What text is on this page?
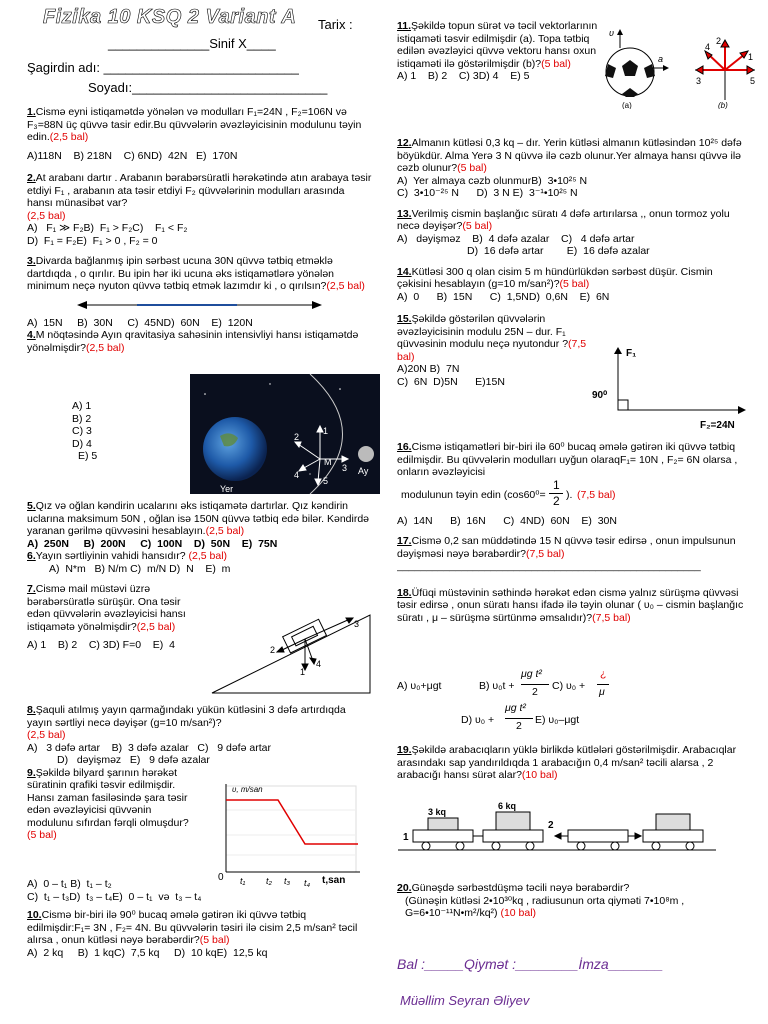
Fizika 10 KSQ 2 Variant A Tarix :
______________Sinif X____
Şagirdin adı: ___________________________
Soyadı:___________________________

1.Cismə eyni istiqamətdə yönələn və modulları F₁=24N , F₂=106N və F₃=88N üç qüvvə tasir edir.Bu qüvvələrin əvəzləyicisinin modulunu təyin edin.(2,5 bal)

A)118N    B) 218N    C) 6ND)  42N   E)  170N

2.At arabanı dartır . Arabanın bərabərsüratli hərəkətində atın arabaya təsir etdiyi F₁ , arabanın ata təsir etdiyi F₂ qüvvələrinin modulları arasında hansı münasibət var?
(2,5 bal)

A)   F₁ ≫ F₂B)  F₁ > F₂C)    F₁ < F₂

D)  F₁ = F₂E)  F₁ > 0 , F₂ = 0

3.Divarda bağlanmış ipin sərbəst ucuna 30N qüvvə tətbiq etməklə dartdıqda , o qırılır. Bu ipin hər iki ucuna əks istiqamətlərə yönələn minimum neçə nyuton qüvvə tətbiq etmək lazımdır ki , o qırılsın?(2,5 bal)

A)  15N     B)  30N     C)  45ND)  60N    E)  120N

4.M nöqtəsində Ayın qravitasiya sahəsinin intensivliyi hansı istiqamətdə yönəlmişdir?(2,5 bal)

A) 1
B) 2
C) 3
D) 4
E) 5
1
2
4
3
5
M
Yer
Ay

5.Qız və oğlan kəndirin ucalarını əks istiqamətə dartırlar. Qız kəndirin uclarına maksimum 50N , oğlan isə 150N qüvvə tətbiq edə bilər. Kəndirdə yaranan gərilmə qüvvəsini hesablayın.(2,5 bal)

A)  250N     B)  200N     C)  100N    D)  50N    E)  75N

6.Yayın sərtliyinin vahidi hansıdır? (2,5 bal)

A)  N*m   B) N/m C)  m/N D)  N    E)  m

7.Cismə mail müstəvi üzrə bərabərsüratlə sürüşür. Ona təsir edən qüvvələrin əvəzləyicisi hansı istiqamətə yönəlmişdir?(2,5 bal)

A) 1    B) 2    C) 3D) F=0    E)  4

3
2
1
4

8.Şaquli atılmış yayın qarmağındakı yükün kütləsini 3 dəfə artırdıqda yayın sərtliyi necə dəyişər (g=10 m/san²)?
(2,5 bal)

A)   3 dəfə artar    B)  3 dəfə azalar   C)   9 dəfə artar

D)   dəyişməz   E)   9 dəfə azalar

9.Şəkildə bilyard şarının hərəkət süratinin qrafiki təsvir edilmişdir. Hansı zaman fasiləsində şara təsir edən əvəzləyicisi qüvvənin modulunu sıfırdan fərqli olmuşdur?(5 bal)

υ, m/san
0	t,san
t₁ t₂ t₃ t₄

A)  0 – t₁ B)  t₁ – t₂

C)  t₁ – t₃D)  t₃ – t₄E)  0 – t₁  və  t₃ – t₄

10.Cismə bir-biri ilə 90⁰ bucaq əmələ gətirən iki qüvvə tətbiq edilmişdir:F₁= 3N , F₂= 4N. Bu qüvvələrin təsiri ilə cisim 2,5 m/san² təcil alırsa , onun kütləsi nəyə bərabərdir?(5 bal)

A)  2 kq     B)  1 kqC)  7,5 kq     D)  10 kqE)  12,5 kq

11.Şəkildə topun sürət və təcil vektorlarının istiqaməti təsvir edilmişdir (a). Topa tətbiq edilən əvəzləyici qüvvə vektoru hansı oxun istiqaməti ilə göstərilmişdir (b)?(5 bal)

A) 1    B) 2    C) 3D) 4    E) 5

υ
a
(a)
2
1
4
3	5
(b)

12.Almanın kütləsi 0,3 kq – dır. Yerin kütləsi almanın kütləsindən 10²⁵ dəfə böyükdür. Alma Yerə 3 N qüvvə ilə cəzb olunur.Yer almaya hansı qüvvə ilə cəzb olunur?(5 bal)

A)  Yer almaya cəzb olunmurB)  3•10²⁵ N

C)  3•10⁻²⁵ N      D)  3 N E)  3⁻¹•10²⁵ N

13.Verilmiş cismin başlanğıc süratı 4 dəfə artırılarsa ,, onun tormoz yolu necə dəyişər?(5 bal)

A)   dəyişməz    B)  4 dəfə azalar    C)   4 dəfə artar

D)  16 dəfə artar        E)  16 dəfə azalar

14.Kütləsi 300 q olan cisim 5 m hündürlükdən sərbəst düşür. Cismin çəkisini hesablayın (g=10 m/san²)?(5 bal)

A)  0      B)  15N      C)  1,5ND)  0,6N    E)  6N

15.Şəkildə göstərilən qüvvələrin əvəzləyicisinin modulu 25N – dur. F₁ qüvvəsinin modulu neçə nyutondur ?(7,5 bal)

A)20N B)  7N

C)  6N  D)5N      E)15N

F₁
F₂=24N
90⁰

16.Cismə istiqamətləri bir-biri ilə 60⁰ bucaq əmələ gətirən iki qüvvə tətbiq edilmişdir. Bu qüvvələrin modulları uyğun olaraqF₁= 10N , F₂= 6N olarsa , onların əvəzləyicisi

modulunun təyin edin (cos60⁰=
1
2 ). (7,5 bal)

A)  14N      B)  16N      C)  4ND)  60N    E)  30N

17.Cismə 0,2 san müddətində 15 N qüvvə təsir edirsə , onun impulsunun dəyişməsi nəyə bərabərdir?(7,5 bal)

____________________________________________________

18.Üfüqi müstəvinin səthində hərəkət edən cismə yalnız sürüşmə qüvvəsi təsir edirsə , onun süratı hansı ifadə ilə təyin olunar ( υ₀ – cismin başlanğıc süratı , μ – sürüşmə sürtünmə əmsalıdır)?(7,5 bal)

A) υ₀+μgt	B) υ₀t +
μg t²
2 C) υ₀ +
¿
μ
D) υ₀ +
μg t²
2 E) υ₀–μgt

19.Şəkildə arabacıqların yüklə birlikdə kütlələri göstərilmişdir. Arabacıqlar arasındakı sap yandırıldıqda 1 arabacığın 0,4 m/san² təcili alarsa , 2 arabacığı hansı sürət alar?(10 bal)

3 kq
6 kq
1
2

20.Günəşdə sərbəstdüşmə təcili nəyə bərabərdir?

(Günəşin kütləsi 2•10³⁰kq , radiusunun orta qiyməti 7•10⁸m , G=6•10⁻¹¹N•m²/kq²) (10 bal)

Bal :_____Qiymət :________İmza_______
Müəllim Seyran Əliyev
